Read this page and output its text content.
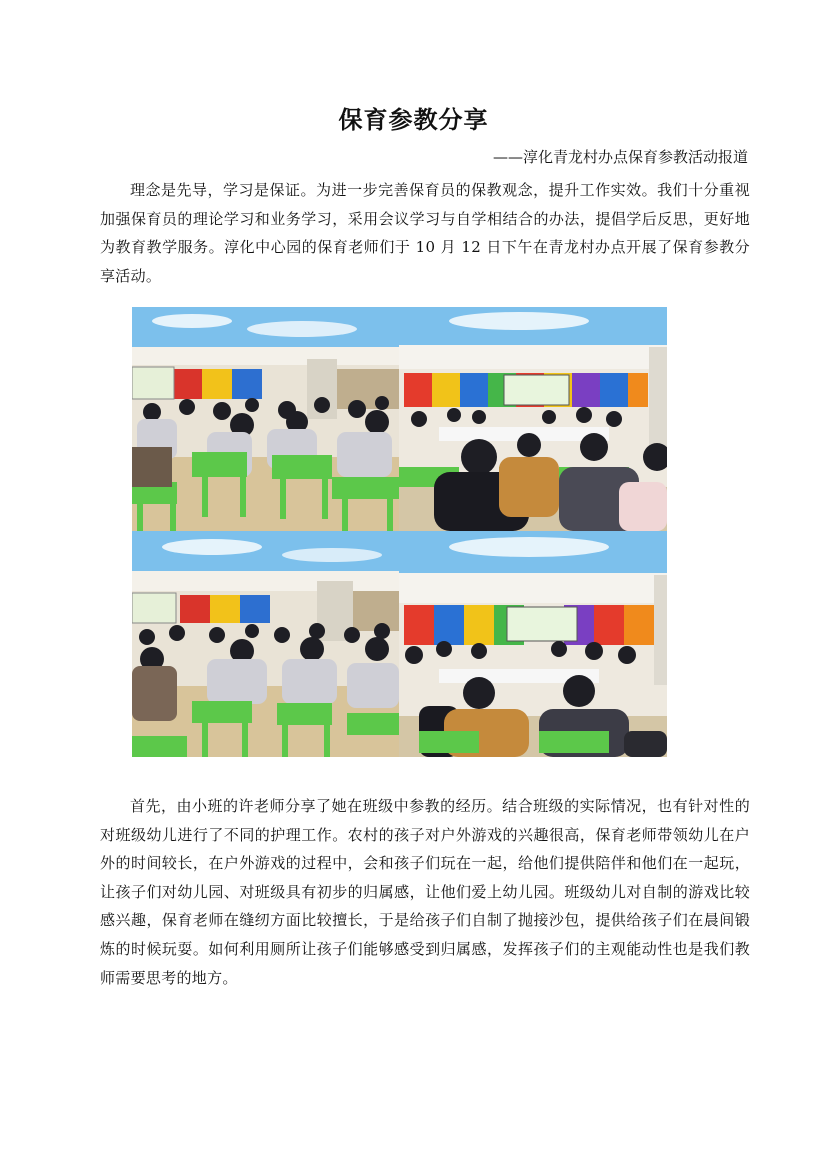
保育参教分享
——淳化青龙村办点保育参教活动报道

理念是先导，学习是保证。为进一步完善保育员的保教观念，提升工作实效。我们十分重视加强保育员的理论学习和业务学习，采用会议学习与自学相结合的办法，提倡学后反思，更好地为教育教学服务。淳化中心园的保育老师们于 10 月 12 日下午在青龙村办点开展了保育参教分享活动。

首先，由小班的许老师分享了她在班级中参教的经历。结合班级的实际情况，也有针对性的对班级幼儿进行了不同的护理工作。农村的孩子对户外游戏的兴趣很高，保育老师带领幼儿在户外的时间较长，在户外游戏的过程中，会和孩子们玩在一起，给他们提供陪伴和他们在一起玩，让孩子们对幼儿园、对班级具有初步的归属感，让他们爱上幼儿园。班级幼儿对自制的游戏比较感兴趣，保育老师在缝纫方面比较擅长，于是给孩子们自制了抛接沙包，提供给孩子们在晨间锻炼的时候玩耍。如何利用厕所让孩子们能够感受到归属感，发挥孩子们的主观能动性也是我们教师需要思考的地方。
